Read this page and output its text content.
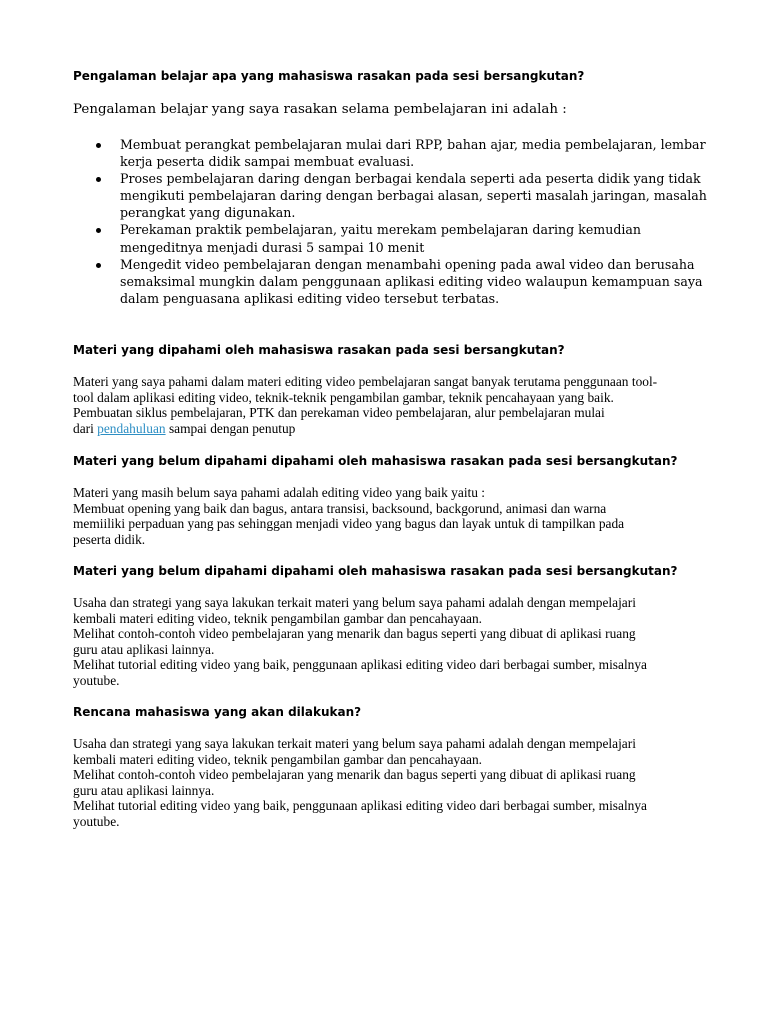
Pengalaman belajar apa yang mahasiswa rasakan pada sesi bersangkutan?
Pengalaman belajar yang saya rasakan selama pembelajaran ini adalah :
Membuat perangkat pembelajaran mulai dari RPP, bahan ajar, media pembelajaran, lembar
kerja peserta didik sampai membuat evaluasi.
Proses pembelajaran daring dengan berbagai kendala seperti ada peserta didik yang tidak
mengikuti pembelajaran daring dengan berbagai alasan, seperti masalah jaringan, masalah
perangkat yang digunakan.
Perekaman praktik pembelajaran, yaitu merekam pembelajaran daring kemudian
mengeditnya menjadi durasi 5 sampai 10 menit
Mengedit video pembelajaran dengan menambahi opening pada awal video dan berusaha
semaksimal mungkin dalam penggunaan aplikasi editing video walaupun kemampuan saya
dalam penguasana aplikasi editing video tersebut terbatas.
Materi yang dipahami oleh mahasiswa rasakan pada sesi bersangkutan?
Materi yang saya pahami dalam materi editing video pembelajaran sangat banyak terutama penggunaan tool-
tool dalam aplikasi editing video, teknik-teknik pengambilan gambar, teknik pencahayaan yang baik.
Pembuatan siklus pembelajaran, PTK dan perekaman video pembelajaran, alur pembelajaran mulai
dari pendahuluan sampai dengan penutup
Materi yang belum dipahami dipahami oleh mahasiswa rasakan pada sesi bersangkutan?
Materi yang masih belum saya pahami adalah editing video yang baik yaitu :
Membuat opening yang baik dan bagus, antara transisi, backsound, backgorund, animasi dan warna
memiiliki perpaduan yang pas sehinggan menjadi video yang bagus dan layak untuk di tampilkan pada
peserta didik.
Materi yang belum dipahami dipahami oleh mahasiswa rasakan pada sesi bersangkutan?
Usaha dan strategi yang saya lakukan terkait materi yang belum saya pahami adalah dengan mempelajari
kembali materi editing video, teknik pengambilan gambar dan pencahayaan.
Melihat contoh-contoh video pembelajaran yang menarik dan bagus seperti yang dibuat di aplikasi ruang
guru atau aplikasi lainnya.
Melihat tutorial editing video yang baik, penggunaan aplikasi editing video dari berbagai sumber, misalnya
youtube.
Rencana mahasiswa yang akan dilakukan?
Usaha dan strategi yang saya lakukan terkait materi yang belum saya pahami adalah dengan mempelajari
kembali materi editing video, teknik pengambilan gambar dan pencahayaan.
Melihat contoh-contoh video pembelajaran yang menarik dan bagus seperti yang dibuat di aplikasi ruang
guru atau aplikasi lainnya.
Melihat tutorial editing video yang baik, penggunaan aplikasi editing video dari berbagai sumber, misalnya
youtube.
